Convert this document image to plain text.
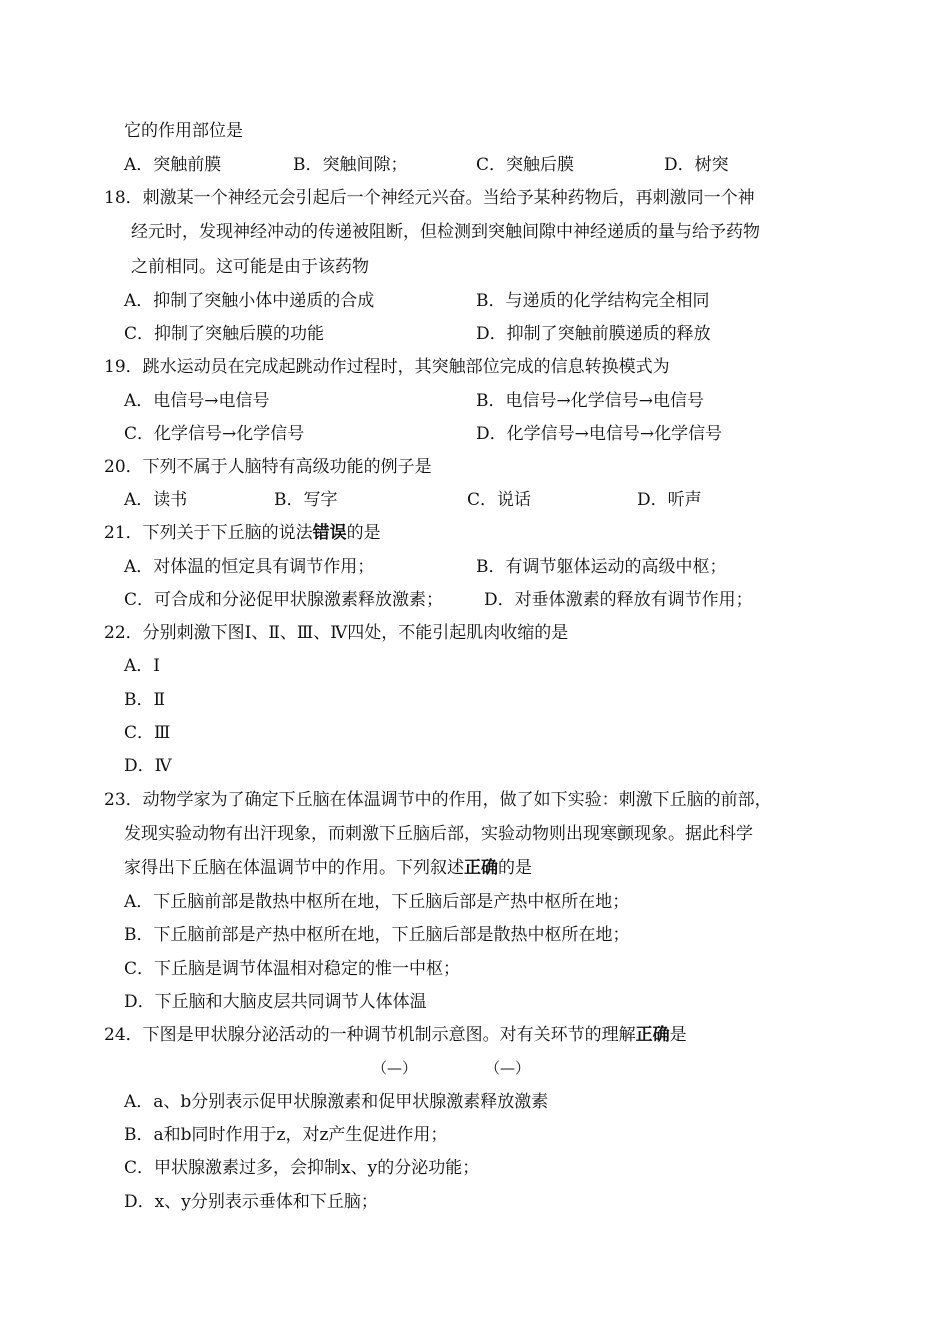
它的作用部位是
A．突触前膜	B．突触间隙；	C．突触后膜	D．树突
18．刺激某一个神经元会引起后一个神经元兴奋。当给予某种药物后，再刺激同一个神
经元时，发现神经冲动的传递被阻断，但检测到突触间隙中神经递质的量与给予药物
之前相同。这可能是由于该药物
A．抑制了突触小体中递质的合成	B．与递质的化学结构完全相同
C．抑制了突触后膜的功能	D．抑制了突触前膜递质的释放
19．跳水运动员在完成起跳动作过程时，其突触部位完成的信息转换模式为
A．电信号→电信号	B．电信号→化学信号→电信号
C．化学信号→化学信号	D．化学信号→电信号→化学信号
20．下列不属于人脑特有高级功能的例子是
A．读书	B．写字	C．说话	D．听声
21．下列关于下丘脑的说法错误的是
A．对体温的恒定具有调节作用；	B．有调节躯体运动的高级中枢；
C．可合成和分泌促甲状腺激素释放激素； D．对垂体激素的释放有调节作用；
22．分别刺激下图Ⅰ、Ⅱ、Ⅲ、Ⅳ四处，不能引起肌肉收缩的是
A．Ⅰ
B．Ⅱ
C．Ⅲ
D．Ⅳ
23．动物学家为了确定下丘脑在体温调节中的作用，做了如下实验：刺激下丘脑的前部，
发现实验动物有出汗现象，而刺激下丘脑后部，实验动物则出现寒颤现象。据此科学
家得出下丘脑在体温调节中的作用。下列叙述正确的是
A．下丘脑前部是散热中枢所在地，下丘脑后部是产热中枢所在地；
B．下丘脑前部是产热中枢所在地，下丘脑后部是散热中枢所在地；
C．下丘脑是调节体温相对稳定的惟一中枢；
D．下丘脑和大脑皮层共同调节人体体温
24．下图是甲状腺分泌活动的一种调节机制示意图。对有关环节的理解正确是
（—）	（—）
A．a、b分别表示促甲状腺激素和促甲状腺激素释放激素
B．a和b同时作用于z，对z产生促进作用；
C．甲状腺激素过多，会抑制x、y的分泌功能；
D．x、y分别表示垂体和下丘脑；
